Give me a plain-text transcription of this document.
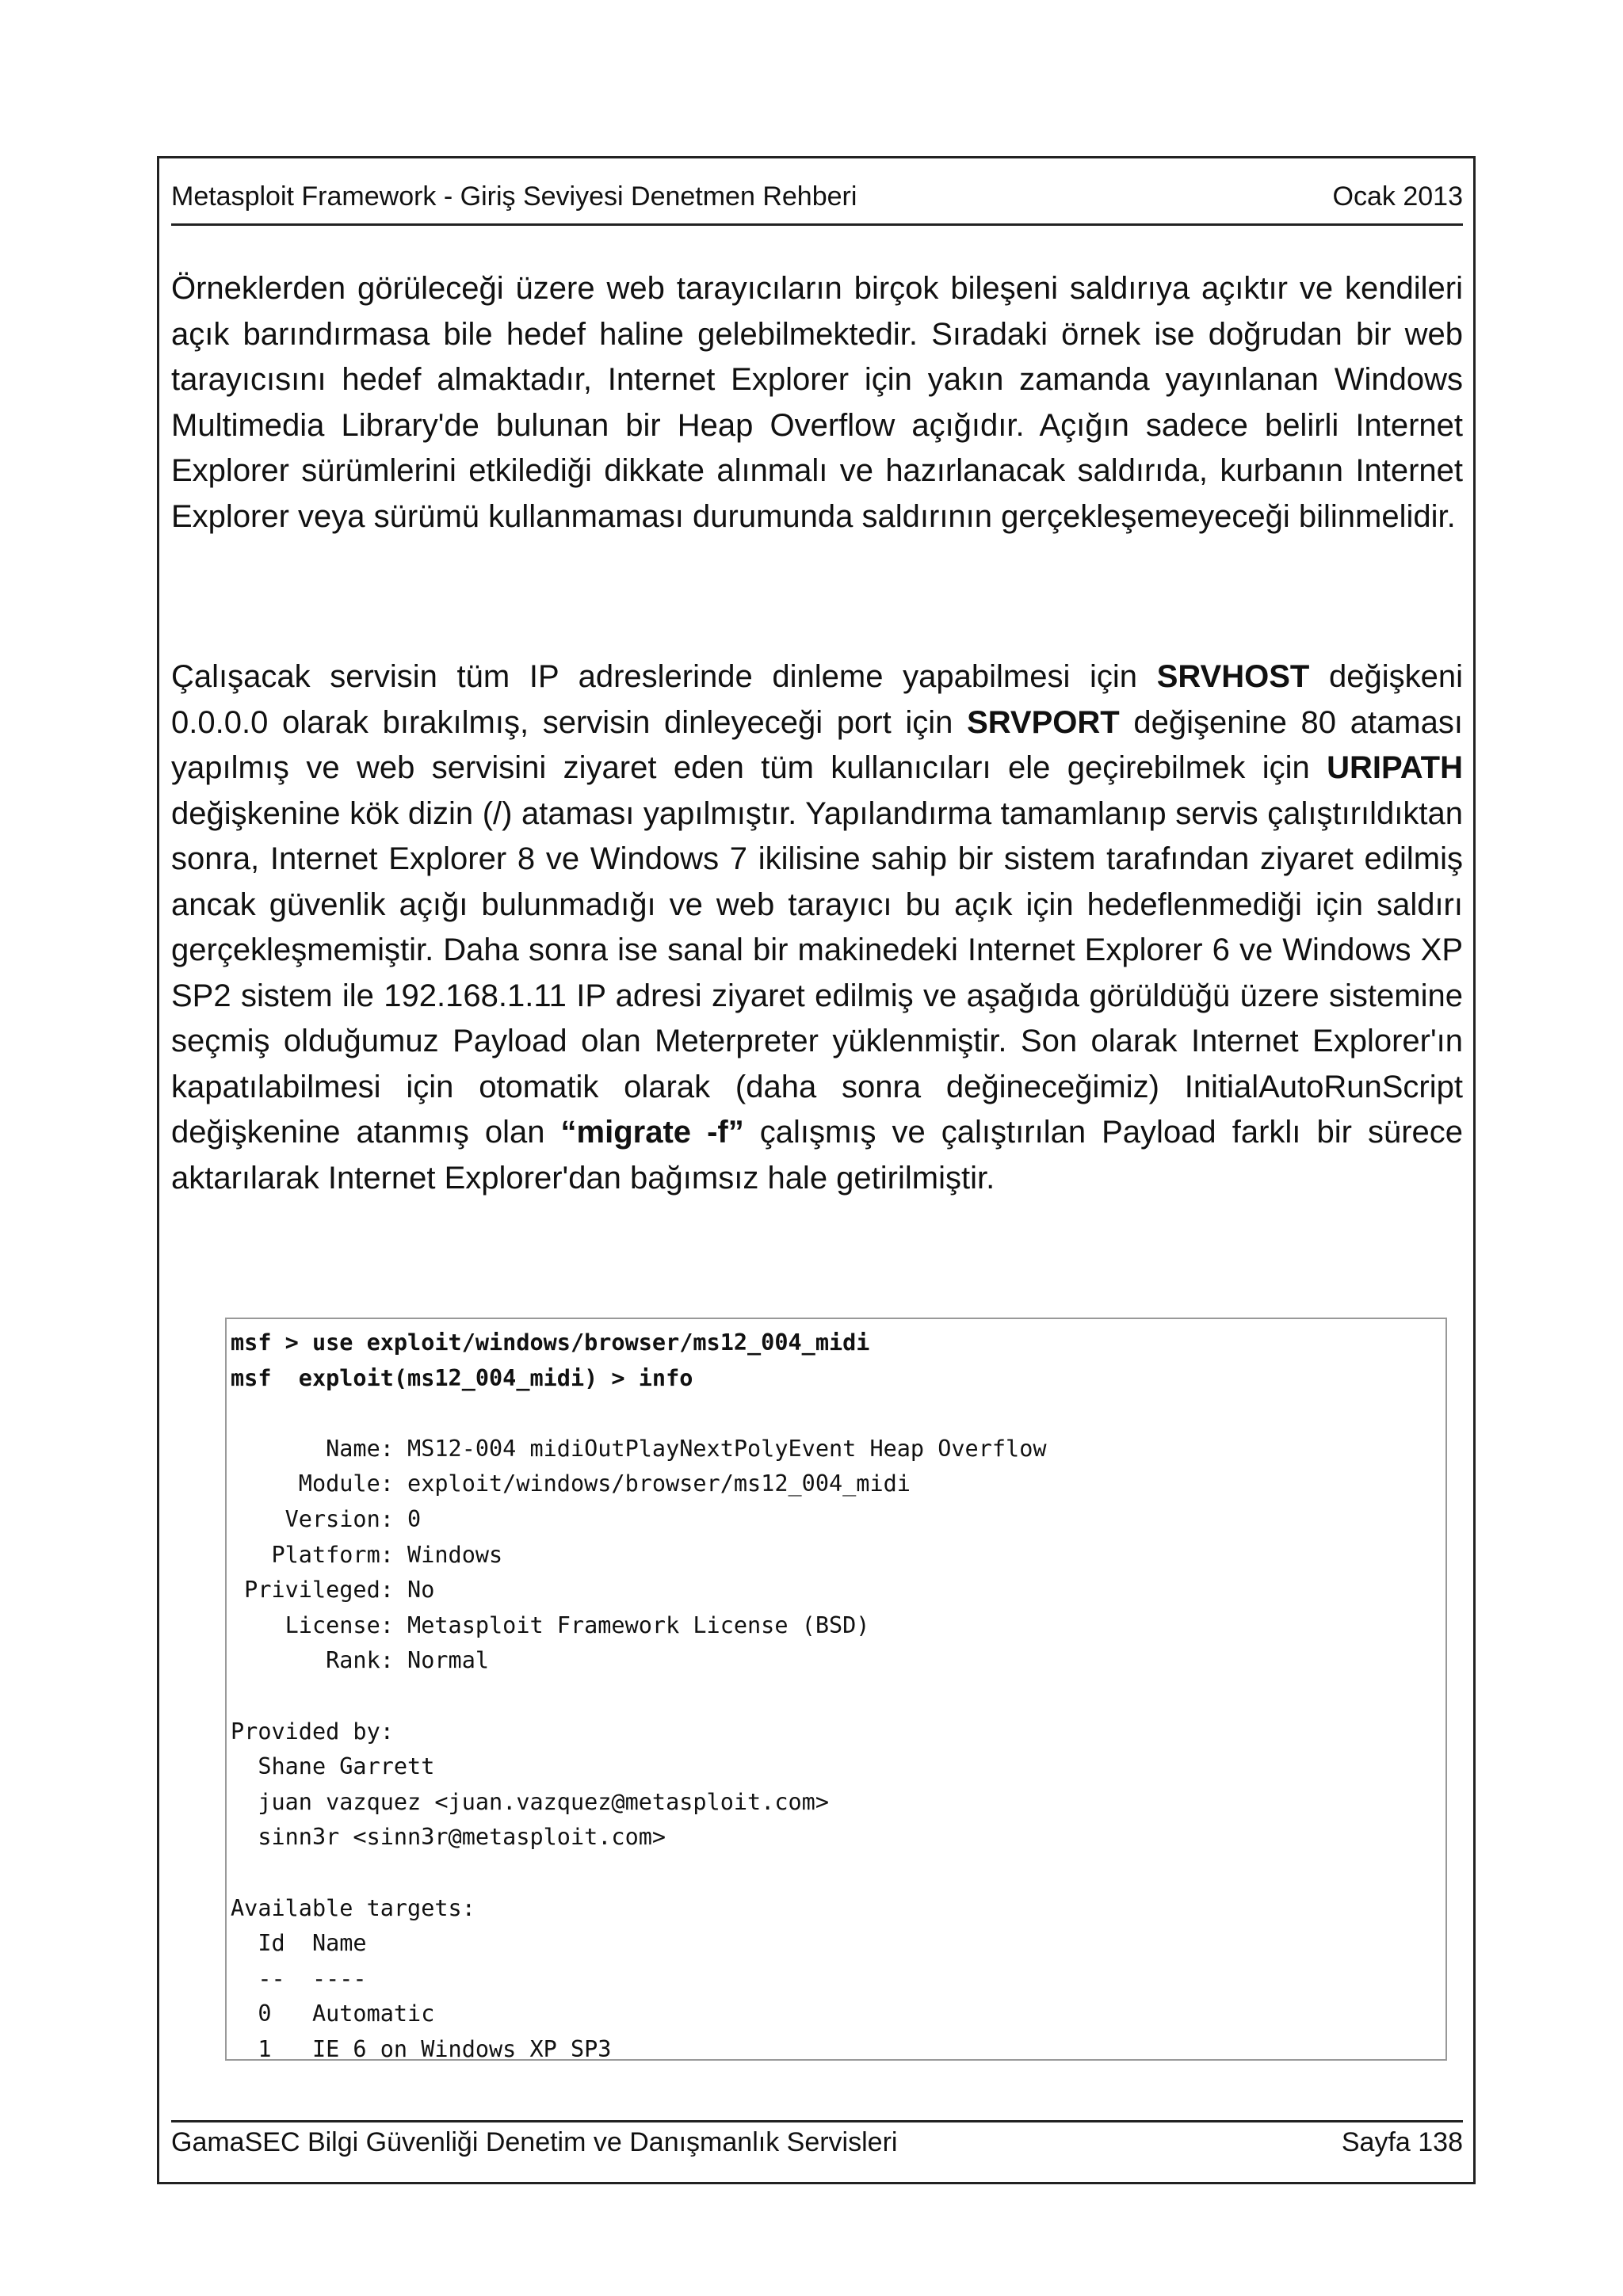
Metasploit Framework - Giriş Seviyesi Denetmen Rehberi	Ocak 2013

Örneklerden görüleceği üzere web tarayıcıların birçok bileşeni saldırıya açıktır ve kendileri açık barındırmasa bile hedef haline gelebilmektedir. Sıradaki örnek ise doğrudan bir web tarayıcısını hedef almaktadır, Internet Explorer için yakın zamanda yayınlanan Windows Multimedia Library'de bulunan bir Heap Overflow açığıdır. Açığın sadece belirli Internet Explorer sürümlerini etkilediği dikkate alınmalı ve hazırlanacak saldırıda, kurbanın Internet Explorer veya sürümü kullanmaması durumunda saldırının gerçekleşemeyeceği bilinmelidir.

Çalışacak servisin tüm IP adreslerinde dinleme yapabilmesi için SRVHOST değişkeni 0.0.0.0 olarak bırakılmış, servisin dinleyeceği port için SRVPORT değişenine 80 ataması yapılmış ve web servisini ziyaret eden tüm kullanıcıları ele geçirebilmek için URIPATH değişkenine kök dizin (/) ataması yapılmıştır. Yapılandırma tamamlanıp servis çalıştırıldıktan sonra, Internet Explorer 8 ve Windows 7 ikilisine sahip bir sistem tarafından ziyaret edilmiş ancak güvenlik açığı bulunmadığı ve web tarayıcı bu açık için hedeflenmediği için saldırı gerçekleşmemiştir. Daha sonra ise sanal bir makinedeki Internet Explorer 6 ve Windows XP SP2 sistem ile 192.168.1.11 IP adresi ziyaret edilmiş ve aşağıda görüldüğü üzere sistemine seçmiş olduğumuz Payload olan Meterpreter yüklenmiştir. Son olarak Internet Explorer'ın kapatılabilmesi için otomatik olarak (daha sonra değineceğimiz) InitialAutoRunScript değişkenine atanmış olan “migrate -f” çalışmış ve çalıştırılan Payload farklı bir sürece aktarılarak Internet Explorer'dan bağımsız hale getirilmiştir.

msf > use exploit/windows/browser/ms12_004_midi
msf  exploit(ms12_004_midi) > info

Name: MS12-004 midiOutPlayNextPolyEvent Heap Overflow
Module: exploit/windows/browser/ms12_004_midi
Version: 0
Platform: Windows
Privileged: No
License: Metasploit Framework License (BSD)
Rank: Normal

Provided by:
Shane Garrett
juan vazquez <juan.vazquez@metasploit.com>
sinn3r <sinn3r@metasploit.com>

Available targets:
Id  Name
--  ----
0   Automatic
1   IE 6 on Windows XP SP3
GamaSEC Bilgi Güvenliği Denetim ve Danışmanlık Servisleri	Sayfa 138
